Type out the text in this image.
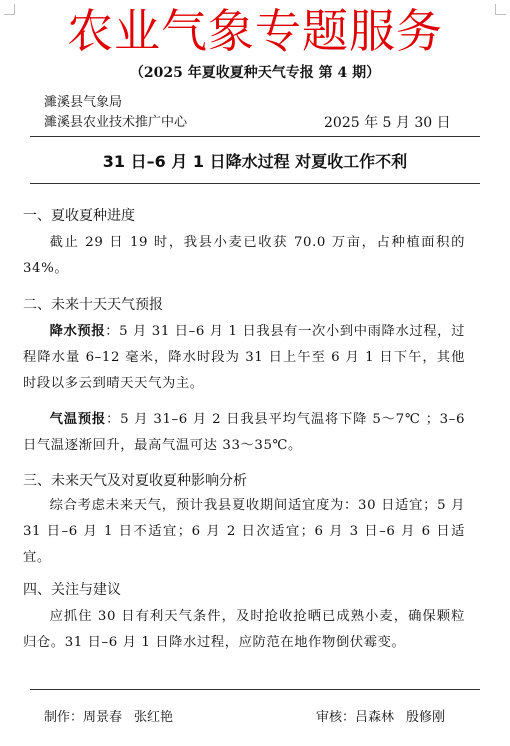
农业气象专题服务
（2025 年夏收夏种天气专报 第 4 期）
濉溪县气象局
濉溪县农业技术推广中心	2025 年 5 月 30 日
31 日–6 月 1 日降水过程 对夏收工作不利
一、夏收夏种进度
截止 29 日 19 时，我县小麦已收获 70.0 万亩，占种植面积的 34%。
二、未来十天天气预报
降水预报：5 月 31 日–6 月 1 日我县有一次小到中雨降水过程，过程降水量 6–12 毫米，降水时段为 31 日上午至 6 月 1 日下午，其他时段以多云到晴天天气为主。
气温预报：5 月 31–6 月 2 日我县平均气温将下降 5～7℃ ；3–6 日气温逐渐回升，最高气温可达 33～35℃。
三、未来天气及对夏收夏种影响分析
综合考虑未来天气，预计我县夏收期间适宜度为：30 日适宜；5 月 31 日–6 月 1 日不适宜；6 月 2 日次适宜；6 月 3 日–6 月 6 日适宜。
四、关注与建议
应抓住 30 日有利天气条件，及时抢收抢晒已成熟小麦，确保颗粒归仓。31 日–6 月 1 日降水过程，应防范在地作物倒伏霉变。
制作：周景春 张红艳	审核：吕森林 殷修刚
